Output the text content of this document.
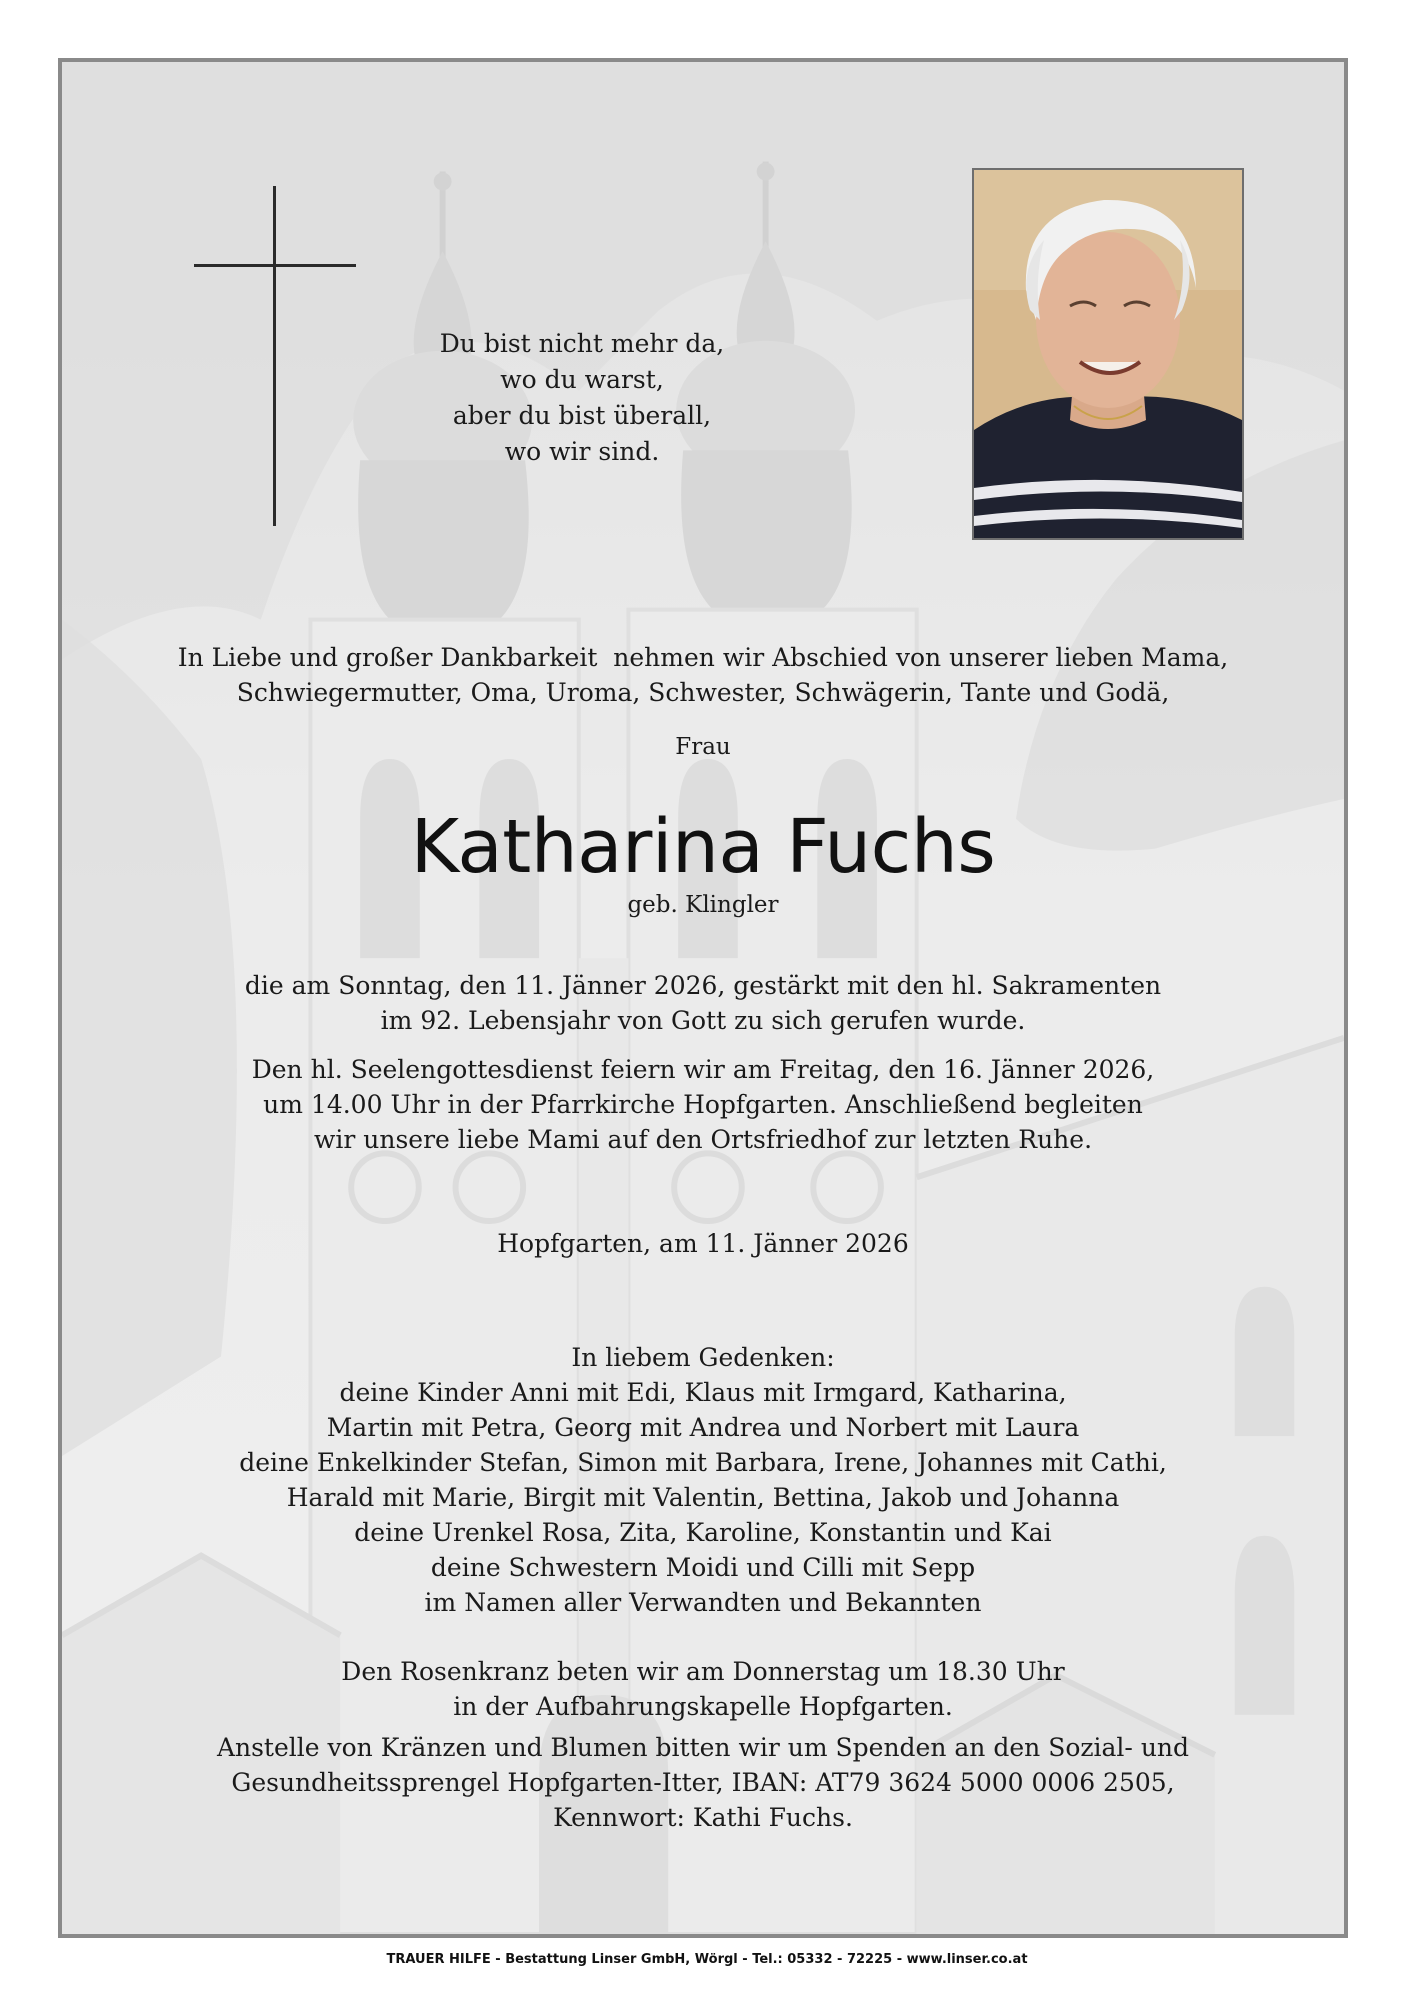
Du bist nicht mehr da,
wo du warst,
aber du bist überall,
wo wir sind.
In Liebe und großer Dankbarkeit  nehmen wir Abschied von unserer lieben Mama,
Schwiegermutter, Oma, Uroma, Schwester, Schwägerin, Tante und Godä,
Frau
Katharina Fuchs
geb. Klingler
die am Sonntag, den 11. Jänner 2026, gestärkt mit den hl. Sakramenten
im 92. Lebensjahr von Gott zu sich gerufen wurde.
Den hl. Seelengottesdienst feiern wir am Freitag, den 16. Jänner 2026,
um 14.00 Uhr in der Pfarrkirche Hopfgarten. Anschließend begleiten
wir unsere liebe Mami auf den Ortsfriedhof zur letzten Ruhe.
Hopfgarten, am 11. Jänner 2026
In liebem Gedenken:
deine Kinder Anni mit Edi, Klaus mit Irmgard, Katharina,
Martin mit Petra, Georg mit Andrea und Norbert mit Laura
deine Enkelkinder Stefan, Simon mit Barbara, Irene, Johannes mit Cathi,
Harald mit Marie, Birgit mit Valentin, Bettina, Jakob und Johanna
deine Urenkel Rosa, Zita, Karoline, Konstantin und Kai
deine Schwestern Moidi und Cilli mit Sepp
im Namen aller Verwandten und Bekannten
Den Rosenkranz beten wir am Donnerstag um 18.30 Uhr
in der Aufbahrungskapelle Hopfgarten.
Anstelle von Kränzen und Blumen bitten wir um Spenden an den Sozial- und
Gesundheitssprengel Hopfgarten-Itter, IBAN: AT79 3624 5000 0006 2505,
Kennwort: Kathi Fuchs.
TRAUER HILFE - Bestattung Linser GmbH, Wörgl - Tel.: 05332 - 72225 - www.linser.co.at
